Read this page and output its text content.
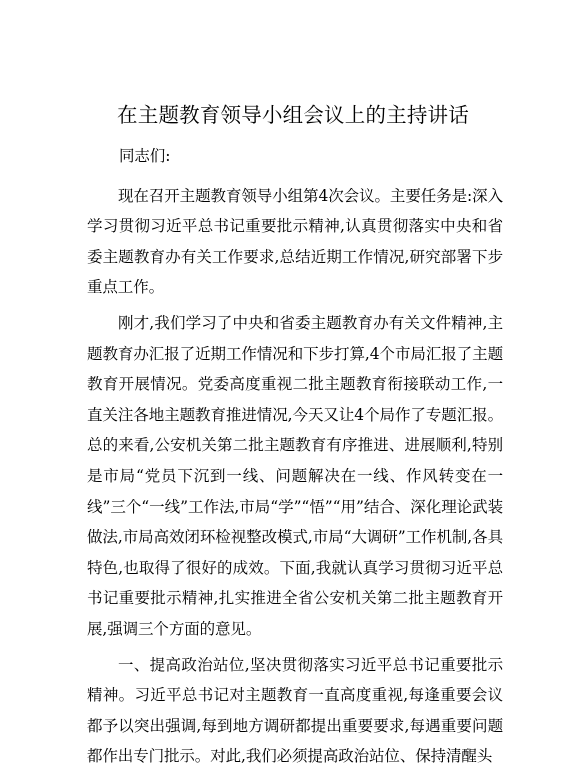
在主题教育领导小组会议上的主持讲话

同志们:

现在召开主题教育领导小组第4次会议。主要任务是:深入学习贯彻习近平总书记重要批示精神,认真贯彻落实中央和省委主题教育办有关工作要求,总结近期工作情况,研究部署下步重点工作。

刚才,我们学习了中央和省委主题教育办有关文件精神,主题教育办汇报了近期工作情况和下步打算,4个市局汇报了主题教育开展情况。党委高度重视二批主题教育衔接联动工作,一直关注各地主题教育推进情况,今天又让4个局作了专题汇报。总的来看,公安机关第二批主题教育有序推进、进展顺利,特别是市局“党员下沉到一线、问题解决在一线、作风转变在一线”三个“一线”工作法,市局“学”“悟”“用”结合、深化理论武装做法,市局高效闭环检视整改模式,市局“大调研”工作机制,各具特色,也取得了很好的成效。下面,我就认真学习贯彻习近平总书记重要批示精神,扎实推进全省公安机关第二批主题教育开展,强调三个方面的意见。

一、提高政治站位,坚决贯彻落实习近平总书记重要批示精神。习近平总书记对主题教育一直高度重视,每逢重要会议都予以突出强调,每到地方调研都提出重要要求,每遇重要问题都作出专门批示。对此,我们必须提高政治站位、保持清醒头
